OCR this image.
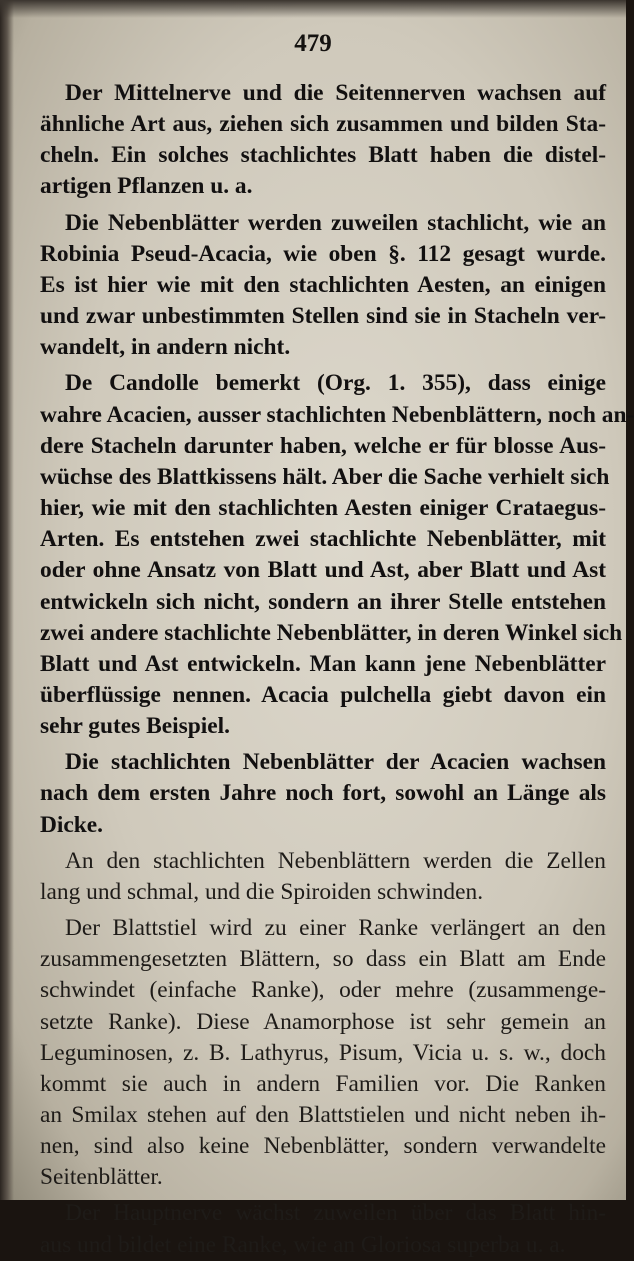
479
Der Mittelnerve und die Seitennerven wachsen auf
ähnliche Art aus, ziehen sich zusammen und bilden Sta-
cheln. Ein solches stachlichtes Blatt haben die distel-
artigen Pflanzen u. a.
Die Nebenblätter werden zuweilen stachlicht, wie an
Robinia Pseud-Acacia, wie oben §. 112 gesagt wurde.
Es ist hier wie mit den stachlichten Aesten, an einigen
und zwar unbestimmten Stellen sind sie in Stacheln ver-
wandelt, in andern nicht.
De Candolle bemerkt (Org. 1. 355), dass einige
wahre Acacien, ausser stachlichten Nebenblättern, noch an-
dere Stacheln darunter haben, welche er für blosse Aus-
wüchse des Blattkissens hält. Aber die Sache verhielt sich
hier, wie mit den stachlichten Aesten einiger Crataegus-
Arten. Es entstehen zwei stachlichte Nebenblätter, mit
oder ohne Ansatz von Blatt und Ast, aber Blatt und Ast
entwickeln sich nicht, sondern an ihrer Stelle entstehen
zwei andere stachlichte Nebenblätter, in deren Winkel sich
Blatt und Ast entwickeln. Man kann jene Nebenblätter
überflüssige nennen. Acacia pulchella giebt davon ein
sehr gutes Beispiel.
Die stachlichten Nebenblätter der Acacien wachsen
nach dem ersten Jahre noch fort, sowohl an Länge als
Dicke.
An den stachlichten Nebenblättern werden die Zellen
lang und schmal, und die Spiroiden schwinden.
Der Blattstiel wird zu einer Ranke verlängert an den
zusammengesetzten Blättern, so dass ein Blatt am Ende
schwindet (einfache Ranke), oder mehre (zusammenge-
setzte Ranke). Diese Anamorphose ist sehr gemein an
Leguminosen, z. B. Lathyrus, Pisum, Vicia u. s. w., doch
kommt sie auch in andern Familien vor. Die Ranken
an Smilax stehen auf den Blattstielen und nicht neben ih-
nen, sind also keine Nebenblätter, sondern verwandelte
Seitenblätter.
Der Hauptnerve wächst zuweilen über das Blatt hin-
aus und bildet eine Ranke, wie an Gloriosa superba u. a.
